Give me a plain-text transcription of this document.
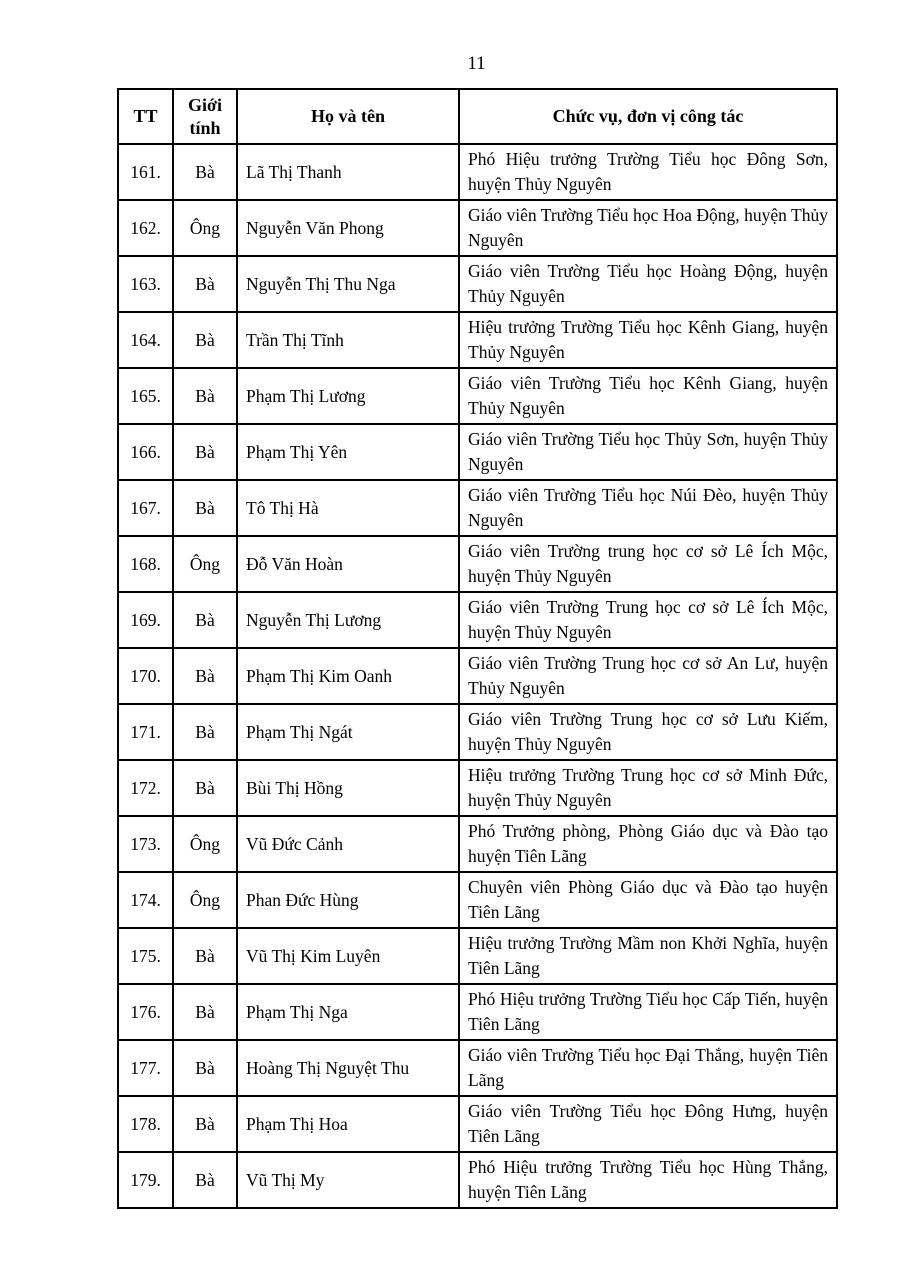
11
TT	Giới tính	Họ và tên	Chức vụ, đơn vị công tác
161.	Bà	Lã Thị Thanh	Phó Hiệu trưởng Trường Tiểu học Đông Sơn, huyện Thủy Nguyên
162.	Ông	Nguyễn Văn Phong	Giáo viên Trường Tiểu học Hoa Động, huyện Thủy Nguyên
163.	Bà	Nguyễn Thị Thu Nga	Giáo viên Trường Tiểu học Hoàng Động, huyện Thủy Nguyên
164.	Bà	Trần Thị Tĩnh	Hiệu trưởng Trường Tiểu học Kênh Giang, huyện Thủy Nguyên
165.	Bà	Phạm Thị Lương	Giáo viên Trường Tiểu học Kênh Giang, huyện Thủy Nguyên
166.	Bà	Phạm Thị Yên	Giáo viên Trường Tiểu học Thủy Sơn, huyện Thủy Nguyên
167.	Bà	Tô Thị Hà	Giáo viên Trường Tiểu học Núi Đèo, huyện Thủy Nguyên
168.	Ông	Đỗ Văn Hoàn	Giáo viên Trường trung học cơ sở Lê Ích Mộc, huyện Thủy Nguyên
169.	Bà	Nguyễn Thị Lương	Giáo viên Trường Trung học cơ sở Lê Ích Mộc, huyện Thủy Nguyên
170.	Bà	Phạm Thị Kim Oanh	Giáo viên Trường Trung học cơ sở An Lư, huyện Thủy Nguyên
171.	Bà	Phạm Thị Ngát	Giáo viên Trường Trung học cơ sở Lưu Kiếm, huyện Thủy Nguyên
172.	Bà	Bùi Thị Hồng	Hiệu trưởng Trường Trung học cơ sở Minh Đức, huyện Thủy Nguyên
173.	Ông	Vũ Đức Cảnh	Phó Trưởng phòng, Phòng Giáo dục và Đào tạo huyện Tiên Lãng
174.	Ông	Phan Đức Hùng	Chuyên viên Phòng Giáo dục và Đào tạo huyện Tiên Lãng
175.	Bà	Vũ Thị Kim Luyên	Hiệu trưởng Trường Mầm non Khởi Nghĩa, huyện Tiên Lãng
176.	Bà	Phạm Thị Nga	Phó Hiệu trưởng Trường Tiểu học Cấp Tiến, huyện Tiên Lãng
177.	Bà	Hoàng Thị Nguyệt Thu	Giáo viên Trường Tiểu học Đại Thắng, huyện Tiên Lãng
178.	Bà	Phạm Thị Hoa	Giáo viên Trường Tiểu học Đông Hưng, huyện Tiên Lãng
179.	Bà	Vũ Thị My	Phó Hiệu trưởng Trường Tiểu học Hùng Thắng, huyện Tiên Lãng
